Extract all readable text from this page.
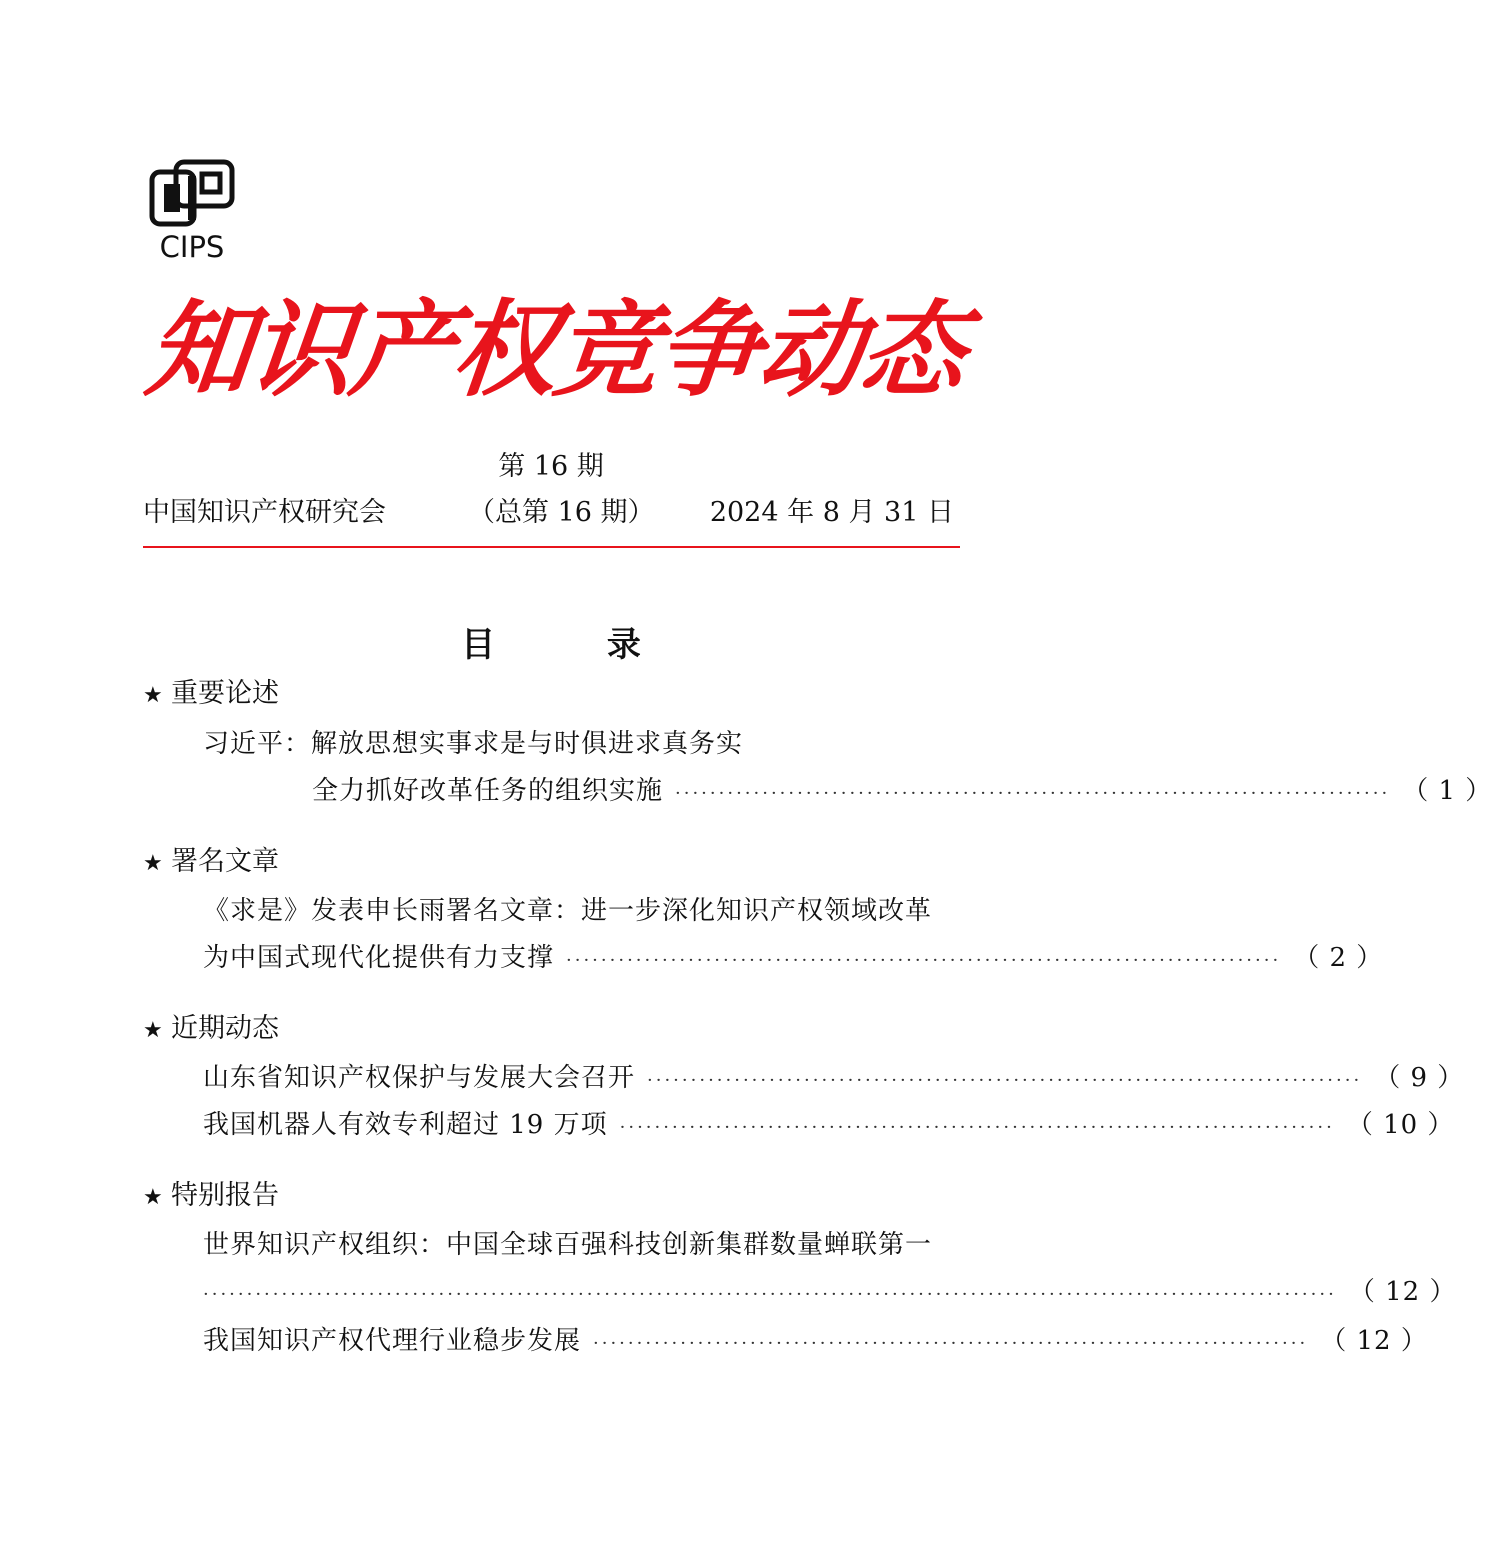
CIPS
知识产权竞争动态
第 16 期
中国知识产权研究会	（总第 16 期） 2024 年 8 月 31 日
目 录
★ 重要论述
习近平：解放思想实事求是与时俱进求真务实
全力抓好改革任务的组织实施 ·················································································· （ 1 ）
★ 署名文章
《求是》发表申长雨署名文章：进一步深化知识产权领域改革
为中国式现代化提供有力支撑 ·················································································· （ 2 ）
★ 近期动态
山东省知识产权保护与发展大会召开 ·················································································· （ 9 ）
我国机器人有效专利超过 19 万项 ·················································································· （ 10 ）
★ 特别报告
世界知识产权组织：中国全球百强科技创新集群数量蝉联第一
·································································································································· （ 12 ）
我国知识产权代理行业稳步发展 ·················································································· （ 12 ）
